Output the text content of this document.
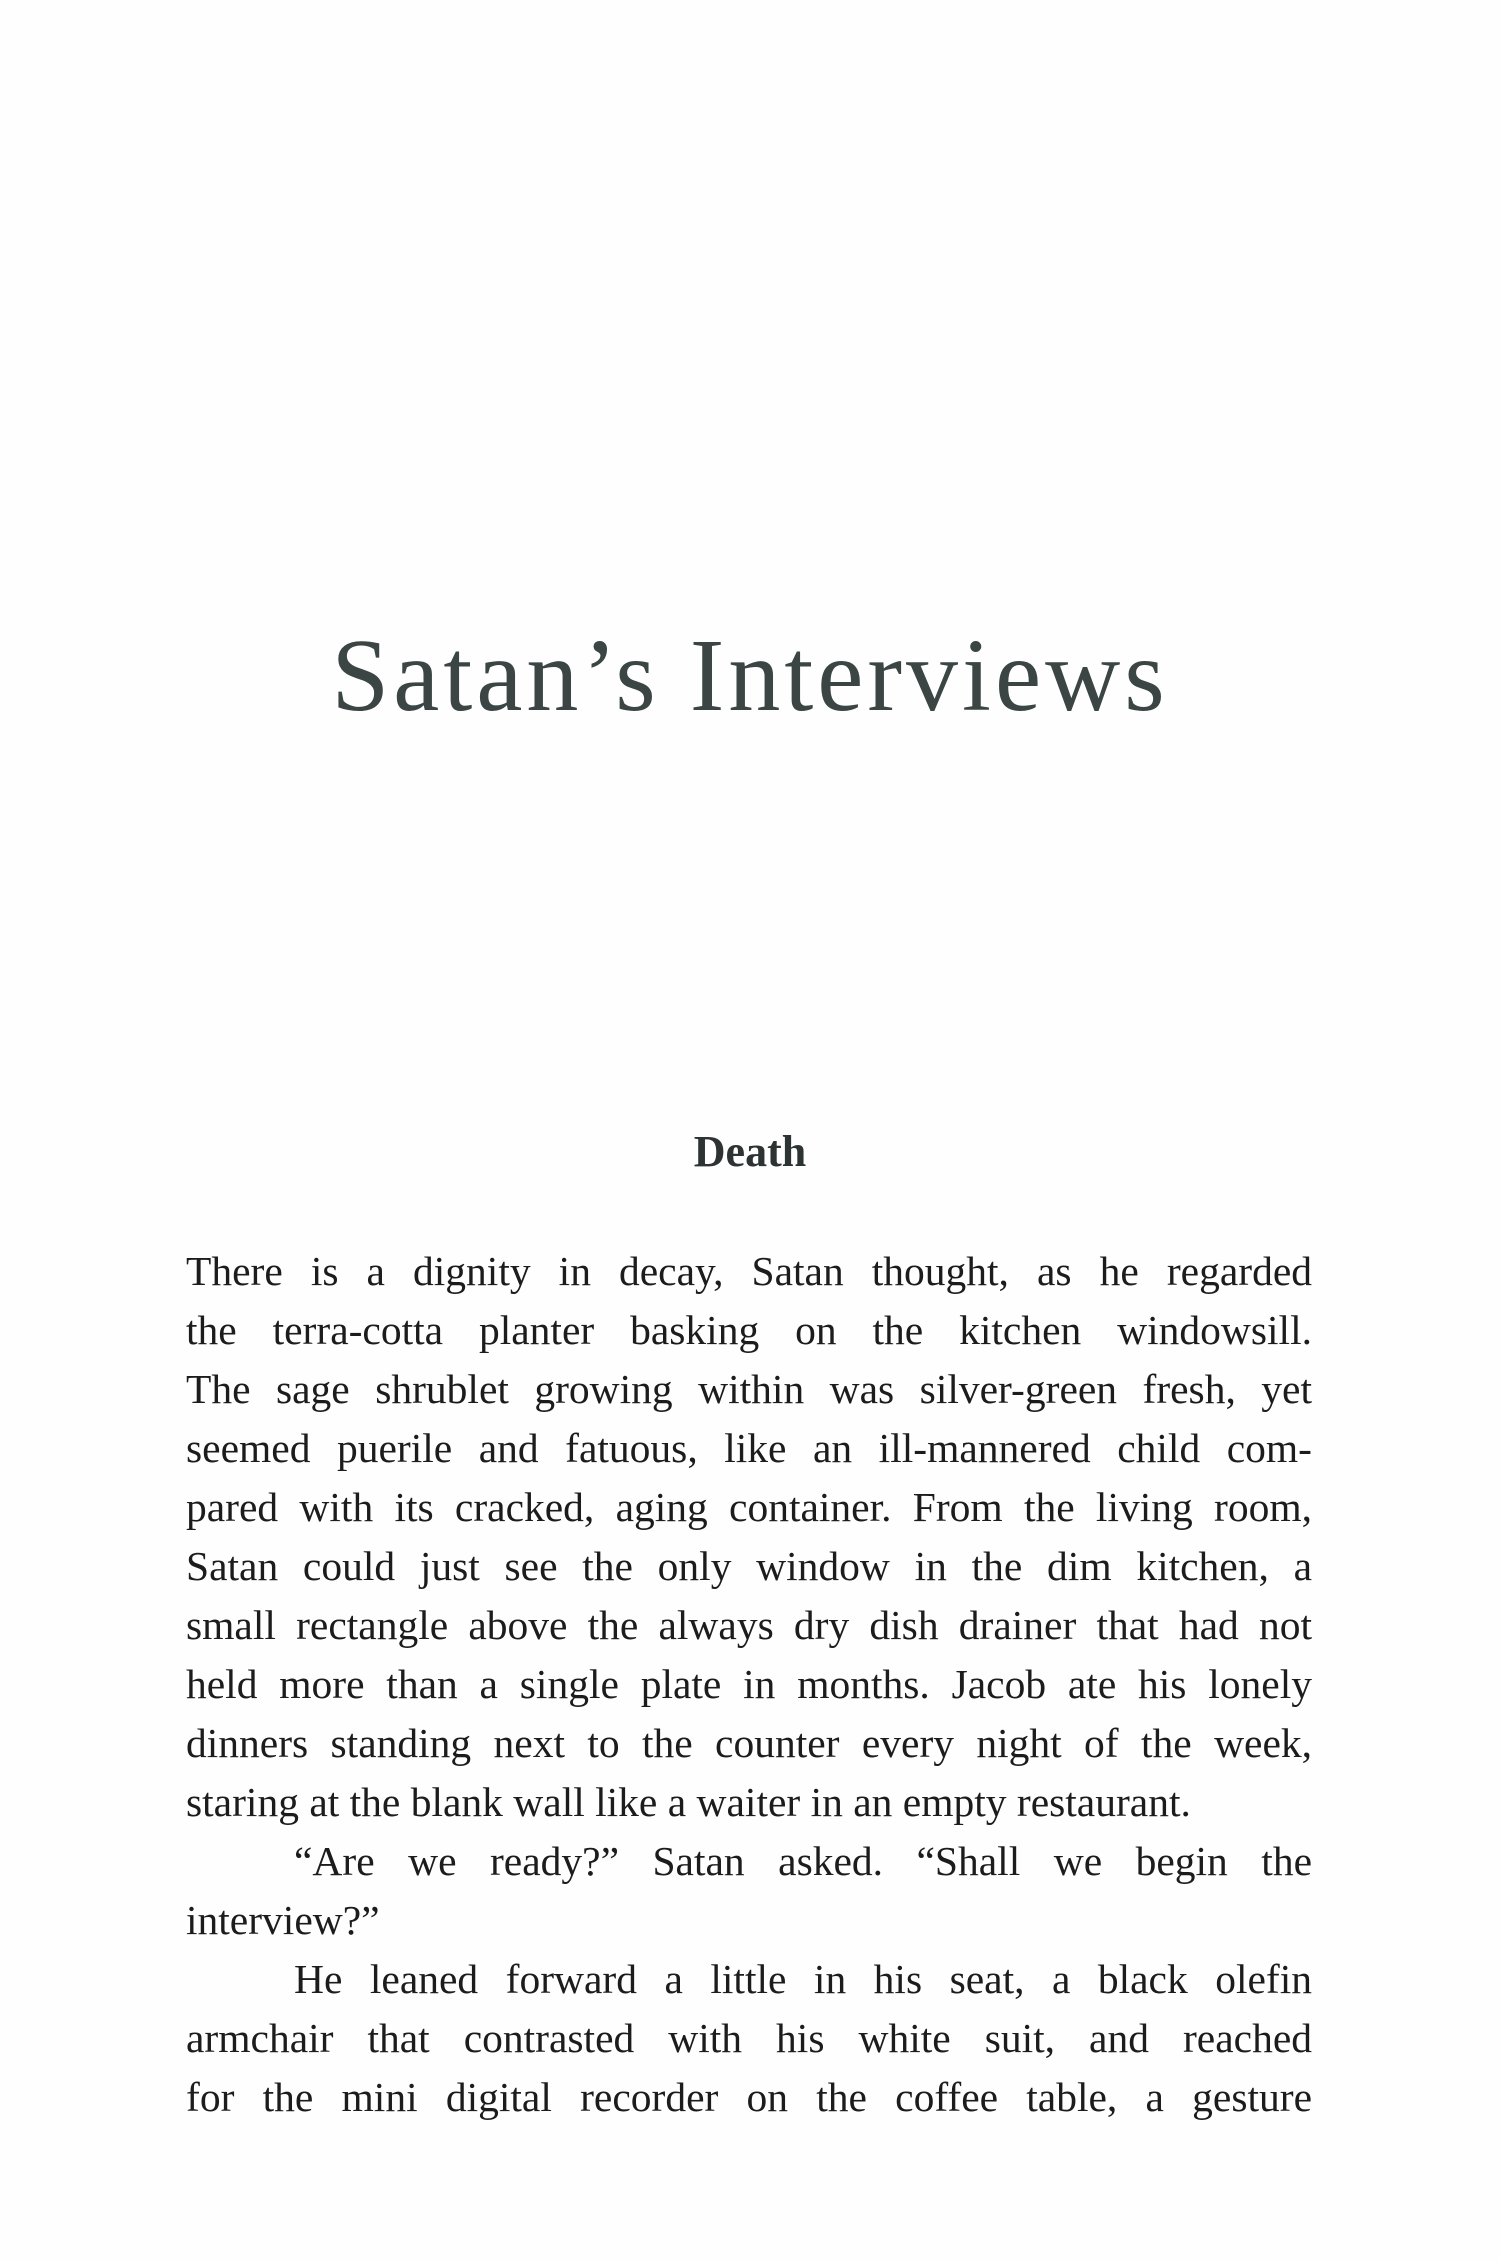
Satan’s Interviews
Death

There is a dignity in decay, Satan thought, as he regarded
the terra-cotta planter basking on the kitchen windowsill.
The sage shrublet growing within was silver-green fresh, yet
seemed puerile and fatuous, like an ill-mannered child com-
pared with its cracked, aging container. From the living room,
Satan could just see the only window in the dim kitchen, a
small rectangle above the always dry dish drainer that had not
held more than a single plate in months. Jacob ate his lonely
dinners standing next to the counter every night of the week,
staring at the blank wall like a waiter in an empty restaurant.

“Are we ready?” Satan asked. “Shall we begin the
interview?”

He leaned forward a little in his seat, a black olefin
armchair that contrasted with his white suit, and reached
for the mini digital recorder on the coffee table, a gesture
